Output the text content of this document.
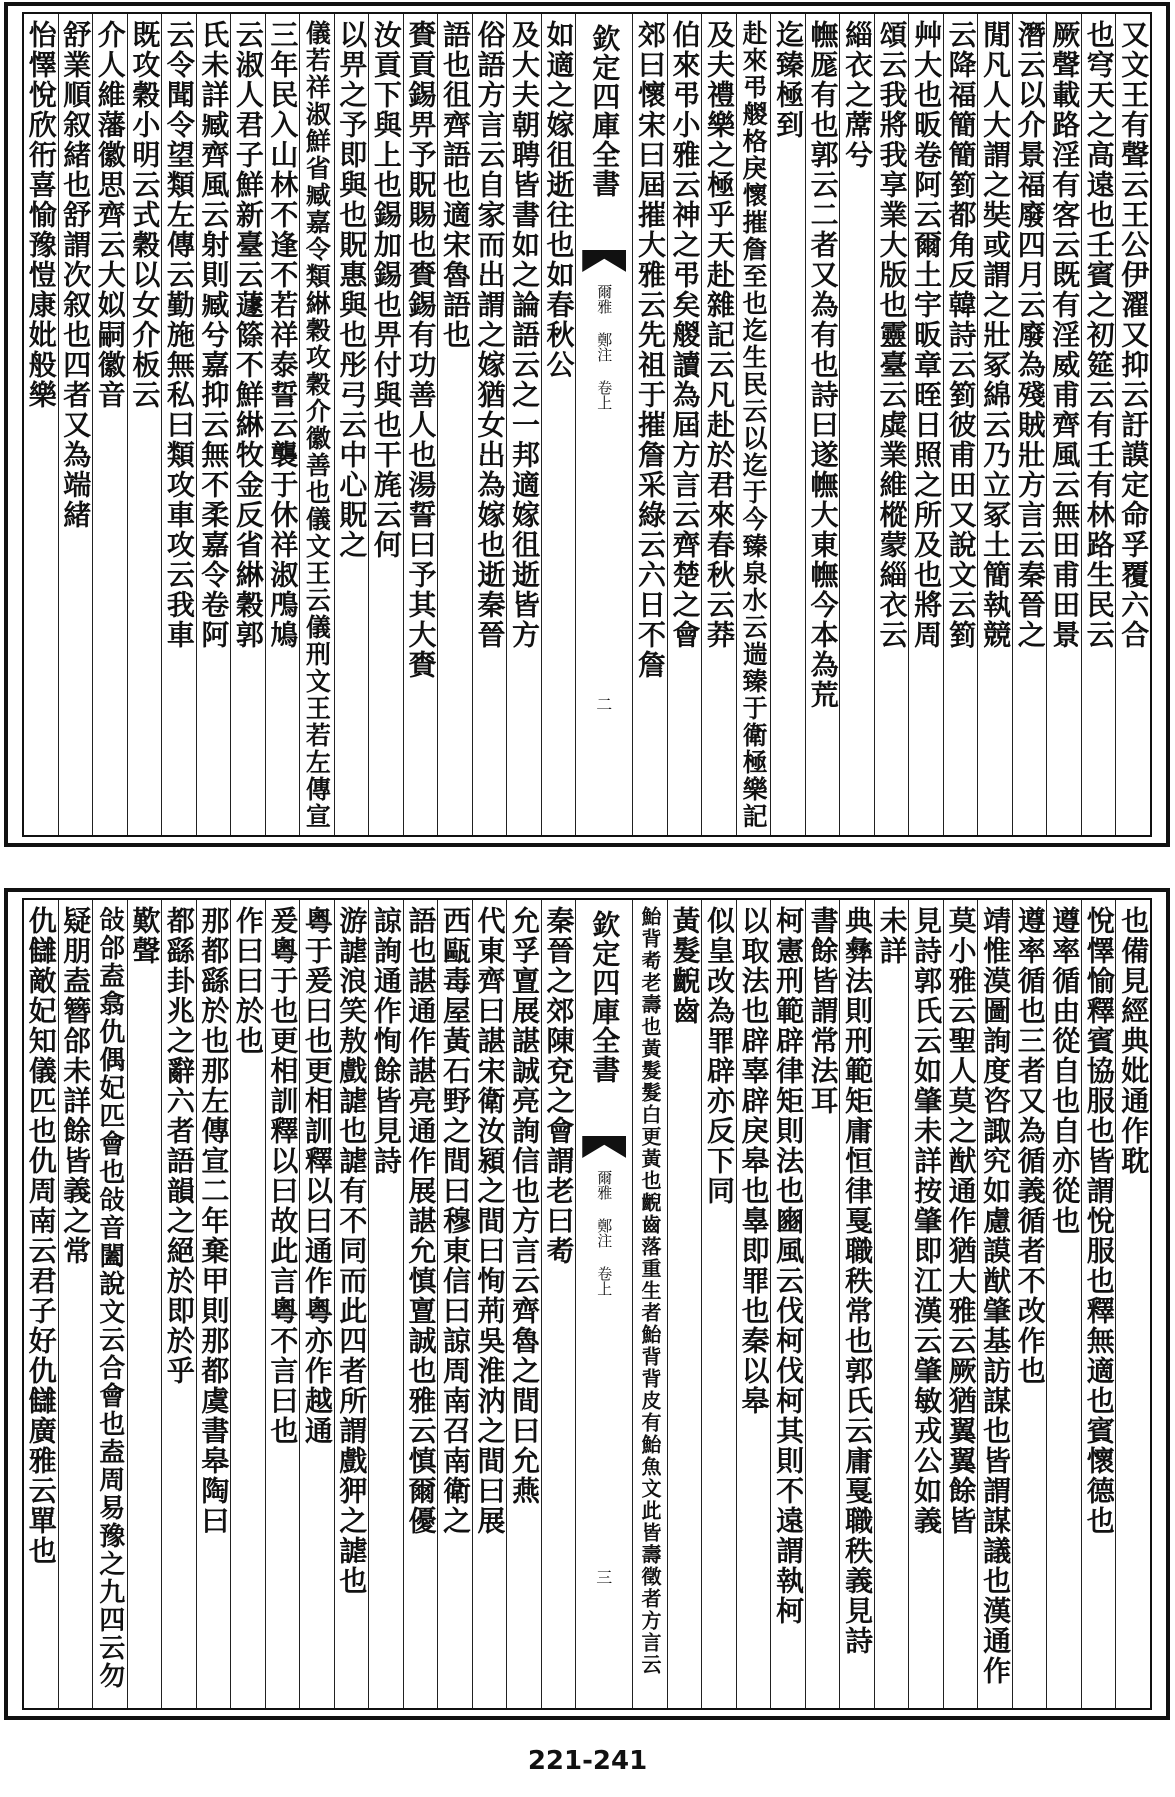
又文王有聲云王公伊濯又抑云訏謨定命孚覆六合
也穹天之高遠也壬賓之初筵云有壬有林路生民云
厥聲載路淫有客云既有淫威甫齊風云無田甫田景
潛云以介景福廢四月云廢為殘賊壯方言云秦晉之
閒凡人大謂之奘或謂之壯冢綿云乃立冢土簡執競
云降福簡簡箌都角反韓詩云箌彼甫田又說文云箌
艸大也昄卷阿云爾土宇昄章晊日照之所及也將周
頌云我將我享業大版也靈臺云虡業維樅蒙緇衣云
緇衣之蓆兮
幠厖有也郭云二者又為有也詩曰遂幠大東幠今本為荒
迄臻極到
赴來弔艐格戾懷摧詹至也迄生民云以迄于今臻泉水云遄臻于衛極樂記
及夫禮樂之極乎天赴雜記云凡赴於君來春秋云莽
伯來弔小雅云神之弔矣艐讀為屆方言云齊楚之會
郊曰懷宋曰屆摧大雅云先祖于摧詹采綠云六日不詹
欽定四庫全書
爾雅 鄭注 卷上
二
如適之嫁徂逝往也如春秋公
及大夫朝聘皆書如之論語云之一邦適嫁徂逝皆方
俗語方言云自家而出謂之嫁猶女出為嫁也逝秦晉
語也徂齊語也適宋魯語也
賚貢錫畀予貺賜也賚錫有功善人也湯誓曰予其大賚
汝貢下與上也錫加錫也畀付與也干旄云何
以畀之予即與也貺惠與也彤弓云中心貺之
儀若祥淑鮮省臧嘉令類綝穀攻穀介徽善也儀文王云儀刑文王若左傳宣
三年民入山林不逢不若祥泰誓云襲于休祥淑鳲鳩
云淑人君子鮮新臺云蘧篨不鮮綝牧金反省綝穀郭
氏未詳臧齊風云射則臧兮嘉抑云無不柔嘉令卷阿
云令聞令望類左傳云勤施無私曰類攻車攻云我車
既攻穀小明云式穀以女介板云
介人維藩徽思齊云大姒嗣徽音
舒業順叙緒也舒謂次叙也四者又為端緒
怡懌悅欣衎喜愉豫愷康妣般樂
也備見經典妣通作耽
悅懌愉釋賓協服也皆謂悅服也釋無適也賓懷德也
遵率循由從自也自亦從也
遵率循也三者又為循義循者不改作也
靖惟漠圖詢度咨諏究如慮謨猷肇基訪謀也皆謂謀議也漢通作
莫小雅云聖人莫之猷通作猶大雅云厥猶翼翼餘皆
見詩郭氏云如肇未詳按肇即江漢云肇敏戎公如義
未詳
典彝法則刑範矩庸恒律戛職秩常也郭氏云庸戛職秩義見詩
書餘皆謂常法耳
柯憲刑範辟律矩則法也豳風云伐柯伐柯其則不遠謂執柯
以取法也辟辜辟戾皋也辠即罪也秦以皋
似皇改為罪辟亦反下同
黃髮齯齒
鮐背耇老壽也黃髮髮白更黃也齯齒落重生者鮐背背皮有鮐魚文此皆壽徵者方言云
欽定四庫全書
爾雅 鄭注 卷上
三
秦晉之郊陳兗之會謂老曰耇
允孚亶展諶誠亮詢信也方言云齊魯之間曰允燕
代東齊曰諶宋衛汝潁之間曰恂荊吳淮汭之間曰展
西甌毒屋黃石野之間曰穆東信曰諒周南召南衛之
語也諶通作諶亮通作展諶允慎亶誠也雅云慎爾優
諒詢通作恂餘皆見詩
游謔浪笑敖戲謔也謔有不同而此四者所謂戲狎之謔也
粵于爰曰也更相訓釋以曰通作粵亦作越通
爰粵于也更相訓釋以曰故此言粵不言曰也
作曰曰於也
那都繇於也那左傳宣二年棄甲則那都虞書皋陶曰
都繇卦兆之辭六者語韻之絕於即於乎
歎聲
敆郃盍翕仇偶妃匹會也敆音闔說文云合會也盍周易豫之九四云勿
疑朋盍簪郃未詳餘皆義之常
仇讎敵妃知儀匹也仇周南云君子好仇讎廣雅云單也
221-241
